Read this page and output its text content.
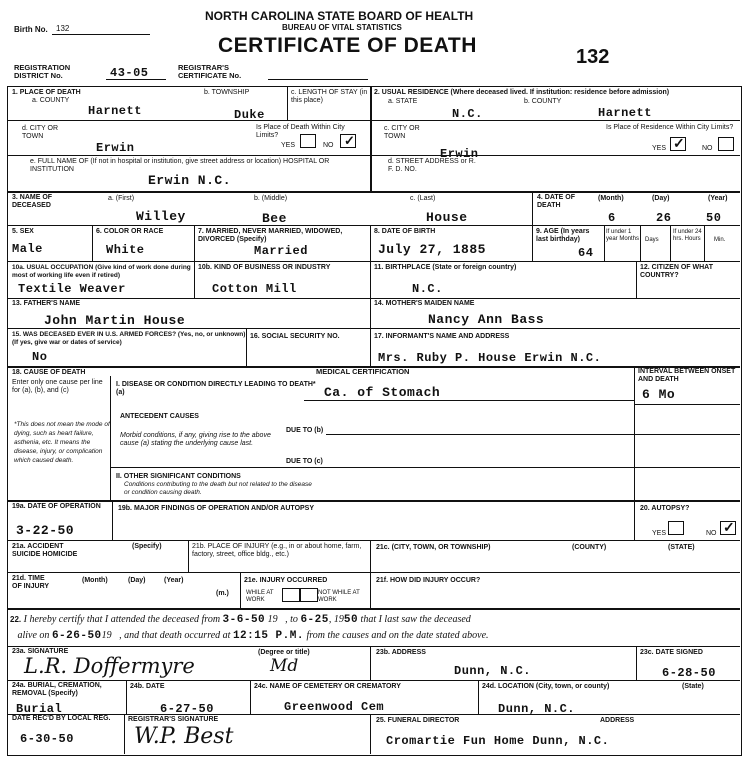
Birth No. 132
NORTH CAROLINA STATE BOARD OF HEALTH
BUREAU OF VITAL STATISTICS
CERTIFICATE OF DEATH	132
REGISTRATION DISTRICT No.	43-05	REGISTRAR'S CERTIFICATE No.
1. PLACE OF DEATH
a. COUNTY
Harnett
b. TOWNSHIP
Duke
c. LENGTH OF STAY (in this place)
d. CITY OR TOWN
Erwin
Is Place of Death Within City Limits?
YES	NO ✓
e. FULL NAME OF (If not in hospital or institution, give street address or location) HOSPITAL OR INSTITUTION
Erwin N.C.
2. USUAL RESIDENCE (Where deceased lived. If institution: residence before admission)
a. STATE
N.C.
b. COUNTY
Harnett
c. CITY OR TOWN
Erwin
Is Place of Residence Within City Limits?
YES ✓ NO
d. STREET ADDRESS or R. F. D. NO.
3. NAME OF DECEASED
a. (First)
Willey
b. (Middle)
Bee
c. (Last)
House
4. DATE OF DEATH
(Month)	(Day)	(Year)
6	26	50
5. SEX
Male
6. COLOR OR RACE
White
7. MARRIED, NEVER MARRIED, WIDOWED, DIVORCED (Specify)
Married
8. DATE OF BIRTH
July 27, 1885
9. AGE (In years last birthday)
64
If under 1 year Months Days
If under 24 hrs. Hours	Min.
10a. USUAL OCCUPATION (Give kind of work done during most of working life even if retired)
Textile Weaver
10b. KIND OF BUSINESS OR INDUSTRY
Cotton Mill
11. BIRTHPLACE (State or foreign country)
N.C.
12. CITIZEN OF WHAT COUNTRY?
13. FATHER'S NAME
John Martin House
14. MOTHER'S MAIDEN NAME
Nancy Ann Bass
15. WAS DECEASED EVER IN U.S. ARMED FORCES? (Yes, no, or unknown) (If yes, give war or dates of service)
No
16. SOCIAL SECURITY NO.	17. INFORMANT'S NAME AND ADDRESS
Mrs. Ruby P. House Erwin N.C.
MEDICAL CERTIFICATION
18. CAUSE OF DEATH
Enter only one cause per line for (a), (b), and (c)
*This does not mean the mode of dying, such as heart failure, asthenia, etc. It means the disease, injury, or complication which caused death.
I. DISEASE OR CONDITION DIRECTLY LEADING TO DEATH* (a)	Ca. of Stomach
INTERVAL BETWEEN ONSET AND DEATH
6 Mo
ANTECEDENT CAUSES
Morbid conditions, if any, giving rise to the above cause (a) stating the underlying cause last.
DUE TO (b)
DUE TO (c)
II. OTHER SIGNIFICANT CONDITIONS
Conditions contributing to the death but not related to the disease or condition causing death.
19a. DATE OF OPERATION
3-22-50
19b. MAJOR FINDINGS OF OPERATION AND/OR AUTOPSY	20. AUTOPSY?
YES	NO ✓
21a. ACCIDENT SUICIDE HOMICIDE
(Specify)	21b. PLACE OF INJURY (e.g., in or about home, farm, factory, street, office bldg., etc.)
21c. (CITY, TOWN, OR TOWNSHIP)	(COUNTY)	(STATE)
21d. TIME OF INJURY
(Month)	(Day)	(Year)
(m.)
21e. INJURY OCCURRED
WHILE AT WORK
NOT WHILE AT WORK
21f. HOW DID INJURY OCCUR?
22. I hereby certify that I attended the deceased from 3-6-50 19   , to 6-25, 1950 that I last saw the deceased
alive on 6-26-5019   , and that death occurred at 12:15 P.M. from the causes and on the date stated above.
23a. SIGNATURE
L.R. Doffermyre
(Degree or title)
Md
23b. ADDRESS
Dunn, N.C.
23c. DATE SIGNED
6-28-50
24a. BURIAL, CREMATION, REMOVAL (Specify)
Burial
24b. DATE
6-27-50
24c. NAME OF CEMETERY OR CREMATORY
Greenwood Cem
24d. LOCATION (City, town, or county)
Dunn, N.C.
(State)
DATE REC'D BY LOCAL REG.
6-30-50
REGISTRAR'S SIGNATURE
W.P. Best
25. FUNERAL DIRECTOR	ADDRESS
Cromartie Fun Home Dunn, N.C.
